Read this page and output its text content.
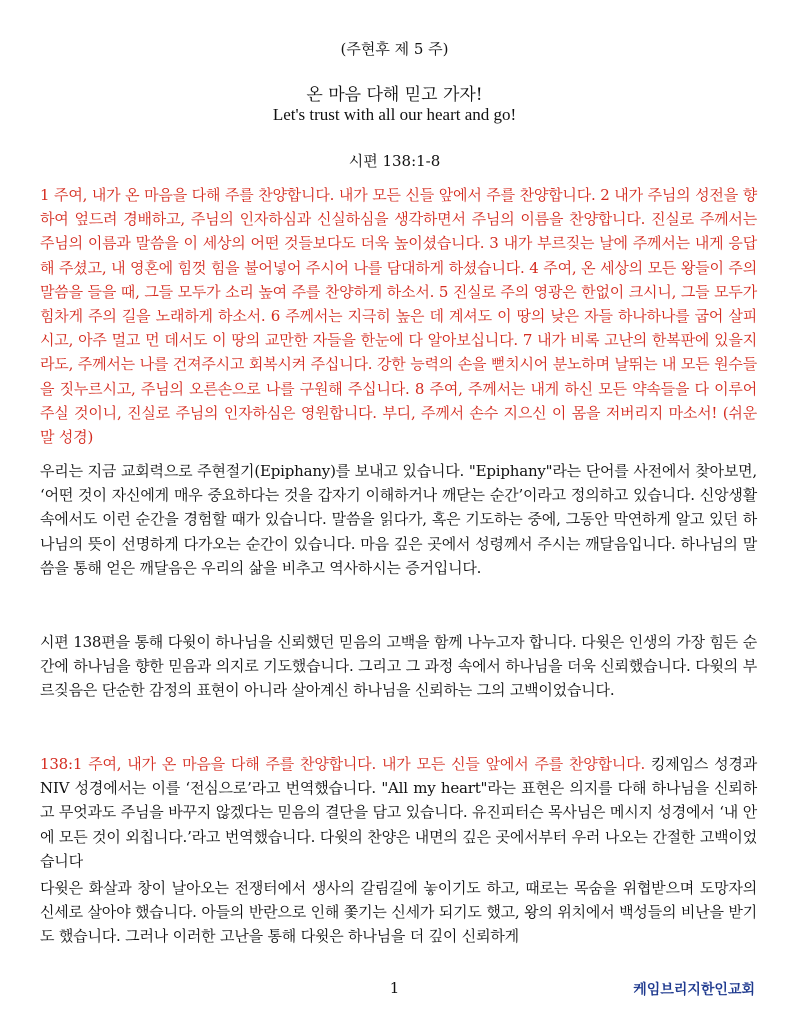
(주현후 제 5 주)
온 마음 다해 믿고 가자!
Let's trust with all our heart and go!
시편 138:1-8
1 주여, 내가 온 마음을 다해 주를 찬양합니다. 내가 모든 신들 앞에서 주를 찬양합니다. 2 내가 주님의 성전을 향하여 엎드려 경배하고, 주님의 인자하심과 신실하심을 생각하면서 주님의 이름을 찬양합니다. 진실로 주께서는 주님의 이름과 말씀을 이 세상의 어떤 것들보다도 더욱 높이셨습니다. 3 내가 부르짖는 날에 주께서는 내게 응답해 주셨고, 내 영혼에 힘껏 힘을 불어넣어 주시어 나를 담대하게 하셨습니다. 4 주여, 온 세상의 모든 왕들이 주의 말씀을 들을 때, 그들 모두가 소리 높여 주를 찬양하게 하소서. 5 진실로 주의 영광은 한없이 크시니, 그들 모두가 힘차게 주의 길을 노래하게 하소서. 6 주께서는 지극히 높은 데 계셔도 이 땅의 낮은 자들 하나하나를 굽어 살피시고, 아주 멀고 먼 데서도 이 땅의 교만한 자들을 한눈에 다 알아보십니다. 7 내가 비록 고난의 한복판에 있을지라도, 주께서는 나를 건져주시고 회복시켜 주십니다. 강한 능력의 손을 뻗치시어 분노하며 날뛰는 내 모든 원수들을 짓누르시고, 주님의 오른손으로 나를 구원해 주십니다. 8 주여, 주께서는 내게 하신 모든 약속들을 다 이루어 주실 것이니, 진실로 주님의 인자하심은 영원합니다. 부디, 주께서 손수 지으신 이 몸을 저버리지 마소서! (쉬운말 성경)
우리는 지금 교회력으로 주현절기(Epiphany)를 보내고 있습니다. "Epiphany"라는 단어를 사전에서 찾아보면, ‘어떤 것이 자신에게 매우 중요하다는 것을 갑자기 이해하거나 깨닫는 순간’이라고 정의하고 있습니다. 신앙생활 속에서도 이런 순간을 경험할 때가 있습니다. 말씀을 읽다가, 혹은 기도하는 중에, 그동안 막연하게 알고 있던 하나님의 뜻이 선명하게 다가오는 순간이 있습니다. 마음 깊은 곳에서 성령께서 주시는 깨달음입니다. 하나님의 말씀을 통해 얻은 깨달음은 우리의 삶을 비추고 역사하시는 증거입니다.
시편 138편을 통해 다윗이 하나님을 신뢰했던 믿음의 고백을 함께 나누고자 합니다. 다윗은 인생의 가장 힘든 순간에 하나님을 향한 믿음과 의지로 기도했습니다. 그리고 그 과정 속에서 하나님을 더욱 신뢰했습니다. 다윗의 부르짖음은 단순한 감정의 표현이 아니라 살아계신 하나님을 신뢰하는 그의 고백이었습니다.
138:1 주여, 내가 온 마음을 다해 주를 찬양합니다. 내가 모든 신들 앞에서 주를 찬양합니다. 킹제임스 성경과 NIV 성경에서는 이를 ‘전심으로’라고 번역했습니다. "All my heart"라는 표현은 의지를 다해 하나님을 신뢰하고 무엇과도 주님을 바꾸지 않겠다는 믿음의 결단을 담고 있습니다. 유진피터슨 목사님은 메시지 성경에서 ‘내 안에 모든 것이 외칩니다.’라고 번역했습니다. 다윗의 찬양은 내면의 깊은 곳에서부터 우러 나오는 간절한 고백이었습니다
다윗은 화살과 창이 날아오는 전쟁터에서 생사의 갈림길에 놓이기도 하고, 때로는 목숨을 위협받으며 도망자의 신세로 살아야 했습니다. 아들의 반란으로 인해 쫓기는 신세가 되기도 했고, 왕의 위치에서 백성들의 비난을 받기도 했습니다. 그러나 이러한 고난을 통해 다윗은 하나님을 더 깊이 신뢰하게
1	케임브리지한인교회
